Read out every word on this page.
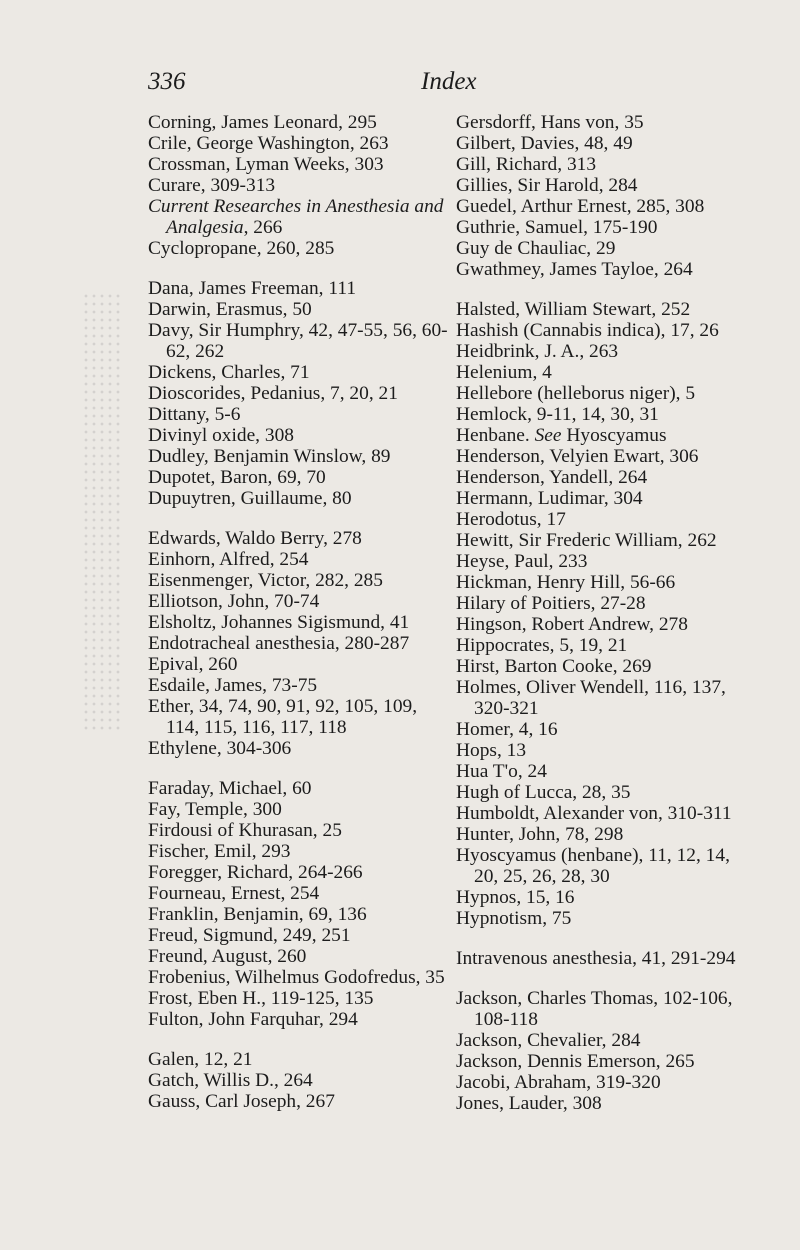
336	Index
Corning, James Leonard, 295
Crile, George Washington, 263
Crossman, Lyman Weeks, 303
Curare, 309-313
Current Researches in Anesthesia and Analgesia, 266
Cyclopropane, 260, 285
Dana, James Freeman, 111
Darwin, Erasmus, 50
Davy, Sir Humphry, 42, 47-55, 56, 60-62, 262
Dickens, Charles, 71
Dioscorides, Pedanius, 7, 20, 21
Dittany, 5-6
Divinyl oxide, 308
Dudley, Benjamin Winslow, 89
Dupotet, Baron, 69, 70
Dupuytren, Guillaume, 80
Edwards, Waldo Berry, 278
Einhorn, Alfred, 254
Eisenmenger, Victor, 282, 285
Elliotson, John, 70-74
Elsholtz, Johannes Sigismund, 41
Endotracheal anesthesia, 280-287
Epival, 260
Esdaile, James, 73-75
Ether, 34, 74, 90, 91, 92, 105, 109, 114, 115, 116, 117, 118
Ethylene, 304-306
Faraday, Michael, 60
Fay, Temple, 300
Firdousi of Khurasan, 25
Fischer, Emil, 293
Foregger, Richard, 264-266
Fourneau, Ernest, 254
Franklin, Benjamin, 69, 136
Freud, Sigmund, 249, 251
Freund, August, 260
Frobenius, Wilhelmus Godofredus, 35
Frost, Eben H., 119-125, 135
Fulton, John Farquhar, 294
Galen, 12, 21
Gatch, Willis D., 264
Gauss, Carl Joseph, 267
Gersdorff, Hans von, 35
Gilbert, Davies, 48, 49
Gill, Richard, 313
Gillies, Sir Harold, 284
Guedel, Arthur Ernest, 285, 308
Guthrie, Samuel, 175-190
Guy de Chauliac, 29
Gwathmey, James Tayloe, 264
Halsted, William Stewart, 252
Hashish (Cannabis indica), 17, 26
Heidbrink, J. A., 263
Helenium, 4
Hellebore (helleborus niger), 5
Hemlock, 9-11, 14, 30, 31
Henbane. See Hyoscyamus
Henderson, Velyien Ewart, 306
Henderson, Yandell, 264
Hermann, Ludimar, 304
Herodotus, 17
Hewitt, Sir Frederic William, 262
Heyse, Paul, 233
Hickman, Henry Hill, 56-66
Hilary of Poitiers, 27-28
Hingson, Robert Andrew, 278
Hippocrates, 5, 19, 21
Hirst, Barton Cooke, 269
Holmes, Oliver Wendell, 116, 137, 320-321
Homer, 4, 16
Hops, 13
Hua T'o, 24
Hugh of Lucca, 28, 35
Humboldt, Alexander von, 310-311
Hunter, John, 78, 298
Hyoscyamus (henbane), 11, 12, 14, 20, 25, 26, 28, 30
Hypnos, 15, 16
Hypnotism, 75
Intravenous anesthesia, 41, 291-294
Jackson, Charles Thomas, 102-106, 108-118
Jackson, Chevalier, 284
Jackson, Dennis Emerson, 265
Jacobi, Abraham, 319-320
Jones, Lauder, 308
